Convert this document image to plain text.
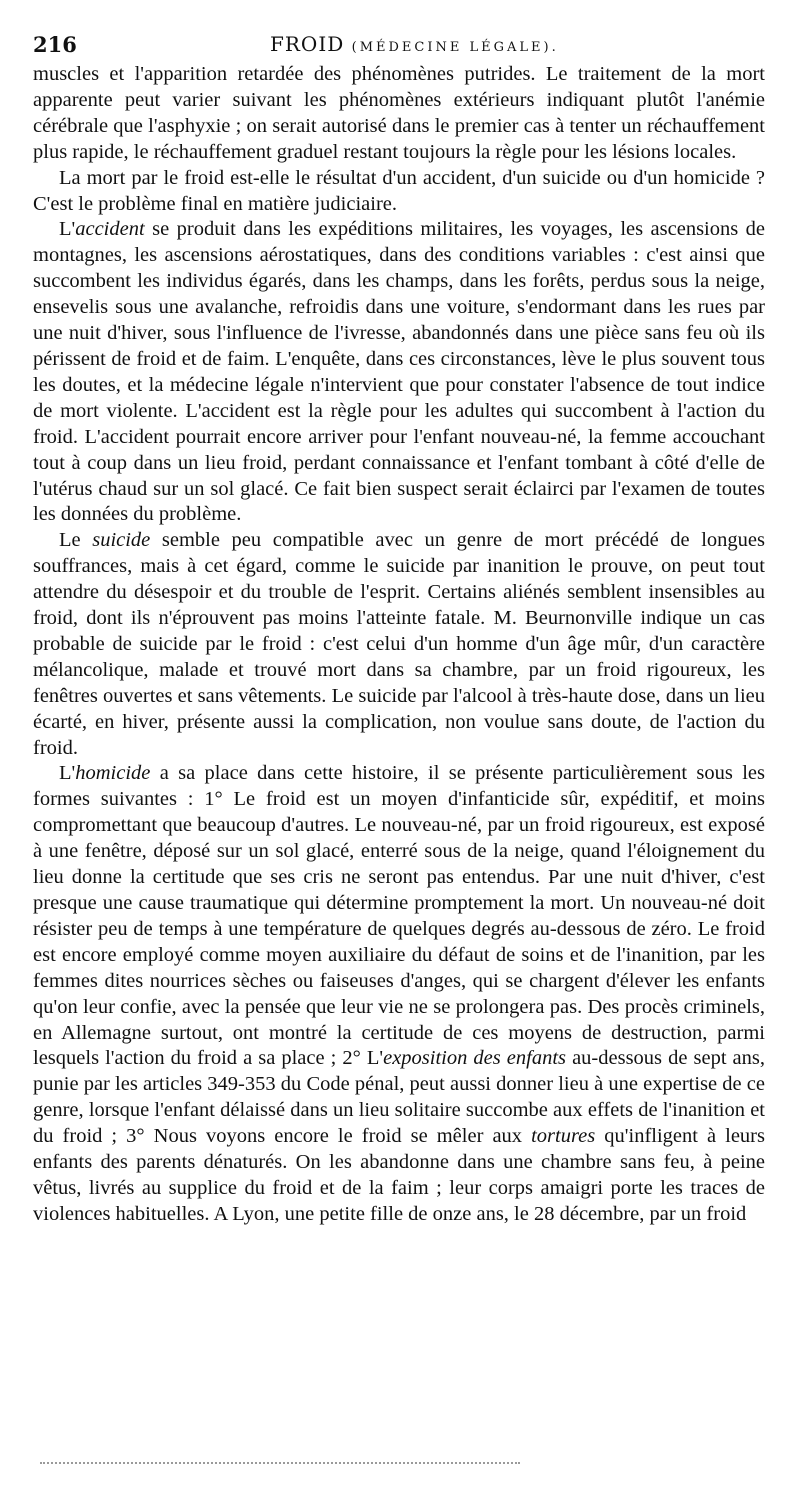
216	FROID (MÉDECINE LÉGALE).

muscles et l'apparition retardée des phénomènes putrides. Le traitement de la mort apparente peut varier suivant les phénomènes extérieurs indiquant plutôt l'anémie cérébrale que l'asphyxie ; on serait autorisé dans le premier cas à tenter un réchauffement plus rapide, le réchauffement graduel restant toujours la règle pour les lésions locales.

La mort par le froid est-elle le résultat d'un accident, d'un suicide ou d'un homicide ? C'est le problème final en matière judiciaire.

L'accident se produit dans les expéditions militaires, les voyages, les ascensions de montagnes, les ascensions aérostatiques, dans des conditions variables : c'est ainsi que succombent les individus égarés, dans les champs, dans les forêts, perdus sous la neige, ensevelis sous une avalanche, refroidis dans une voiture, s'endormant dans les rues par une nuit d'hiver, sous l'influence de l'ivresse, abandonnés dans une pièce sans feu où ils périssent de froid et de faim. L'enquête, dans ces circonstances, lève le plus souvent tous les doutes, et la médecine légale n'intervient que pour constater l'absence de tout indice de mort violente. L'accident est la règle pour les adultes qui succombent à l'action du froid. L'accident pourrait encore arriver pour l'enfant nouveau-né, la femme accouchant tout à coup dans un lieu froid, perdant connaissance et l'enfant tombant à côté d'elle de l'utérus chaud sur un sol glacé. Ce fait bien suspect serait éclairci par l'examen de toutes les données du problème.

Le suicide semble peu compatible avec un genre de mort précédé de longues souffrances, mais à cet égard, comme le suicide par inanition le prouve, on peut tout attendre du désespoir et du trouble de l'esprit. Certains aliénés semblent insensibles au froid, dont ils n'éprouvent pas moins l'atteinte fatale. M. Beurnonville indique un cas probable de suicide par le froid : c'est celui d'un homme d'un âge mûr, d'un caractère mélancolique, malade et trouvé mort dans sa chambre, par un froid rigoureux, les fenêtres ouvertes et sans vêtements. Le suicide par l'alcool à très-haute dose, dans un lieu écarté, en hiver, présente aussi la complication, non voulue sans doute, de l'action du froid.

L'homicide a sa place dans cette histoire, il se présente particulièrement sous les formes suivantes : 1° Le froid est un moyen d'infanticide sûr, expéditif, et moins compromettant que beaucoup d'autres. Le nouveau-né, par un froid rigoureux, est exposé à une fenêtre, déposé sur un sol glacé, enterré sous de la neige, quand l'éloignement du lieu donne la certitude que ses cris ne seront pas entendus. Par une nuit d'hiver, c'est presque une cause traumatique qui détermine promptement la mort. Un nouveau-né doit résister peu de temps à une température de quelques degrés au-dessous de zéro. Le froid est encore employé comme moyen auxiliaire du défaut de soins et de l'inanition, par les femmes dites nourrices sèches ou faiseuses d'anges, qui se chargent d'élever les enfants qu'on leur confie, avec la pensée que leur vie ne se prolongera pas. Des procès criminels, en Allemagne surtout, ont montré la certitude de ces moyens de destruction, parmi lesquels l'action du froid a sa place ; 2° L'exposition des enfants au-dessous de sept ans, punie par les articles 349-353 du Code pénal, peut aussi donner lieu à une expertise de ce genre, lorsque l'enfant délaissé dans un lieu solitaire succombe aux effets de l'inanition et du froid ; 3° Nous voyons encore le froid se mêler aux tortures qu'infligent à leurs enfants des parents dénaturés. On les abandonne dans une chambre sans feu, à peine vêtus, livrés au supplice du froid et de la faim ; leur corps amaigri porte les traces de violences habituelles. A Lyon, une petite fille de onze ans, le 28 décembre, par un froid
